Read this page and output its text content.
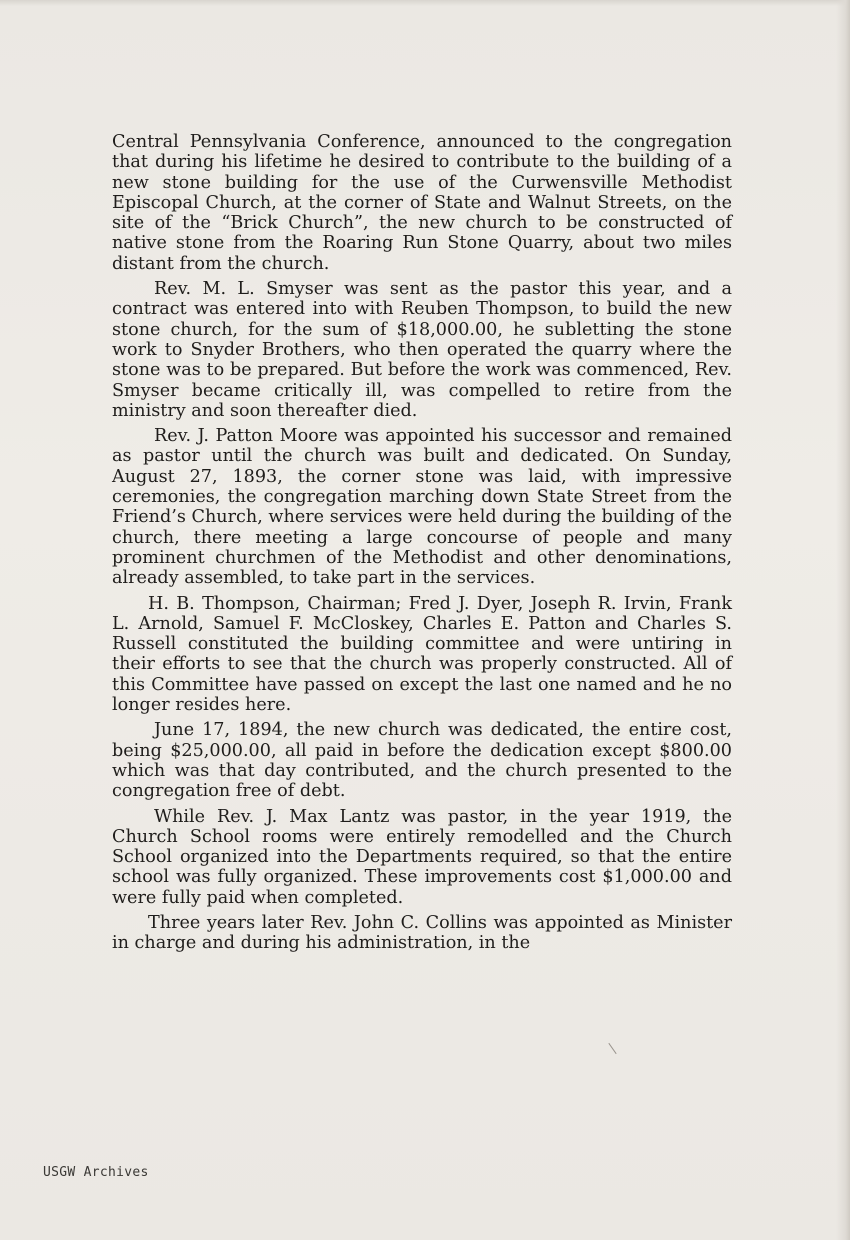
Central Pennsylvania Conference, announced to the congregation that during his lifetime he desired to contribute to the building of a new stone building for the use of the Curwensville Methodist Episcopal Church, at the corner of State and Walnut Streets, on the site of the “Brick Church”, the new church to be constructed of native stone from the Roaring Run Stone Quarry, about two miles distant from the church.

Rev. M. L. Smyser was sent as the pastor this year, and a contract was entered into with Reuben Thompson, to build the new stone church, for the sum of $18,000.00, he subletting the stone work to Snyder Brothers, who then operated the quarry where the stone was to be prepared. But before the work was commenced, Rev. Smyser became critically ill, was compelled to retire from the ministry and soon thereafter died.

Rev. J. Patton Moore was appointed his successor and remained as pastor until the church was built and dedicated. On Sunday, August 27, 1893, the corner stone was laid, with impressive ceremonies, the congregation marching down State Street from the Friend’s Church, where services were held during the building of the church, there meeting a large concourse of people and many prominent churchmen of the Methodist and other denominations, already assembled, to take part in the services.

H. B. Thompson, Chairman; Fred J. Dyer, Joseph R. Irvin, Frank L. Arnold, Samuel F. McCloskey, Charles E. Patton and Charles S. Russell constituted the building committee and were untiring in their efforts to see that the church was properly constructed. All of this Committee have passed on except the last one named and he no longer resides here.

June 17, 1894, the new church was dedicated, the entire cost, being $25,000.00, all paid in before the dedication except $800.00 which was that day contributed, and the church presented to the congregation free of debt.

While Rev. J. Max Lantz was pastor, in the year 1919, the Church School rooms were entirely remodelled and the Church School organized into the Departments required, so that the entire school was fully organized. These improvements cost $1,000.00 and were fully paid when completed.

Three years later Rev. John C. Collins was appointed as Minister in charge and during his administration, in the

USGW Archives
